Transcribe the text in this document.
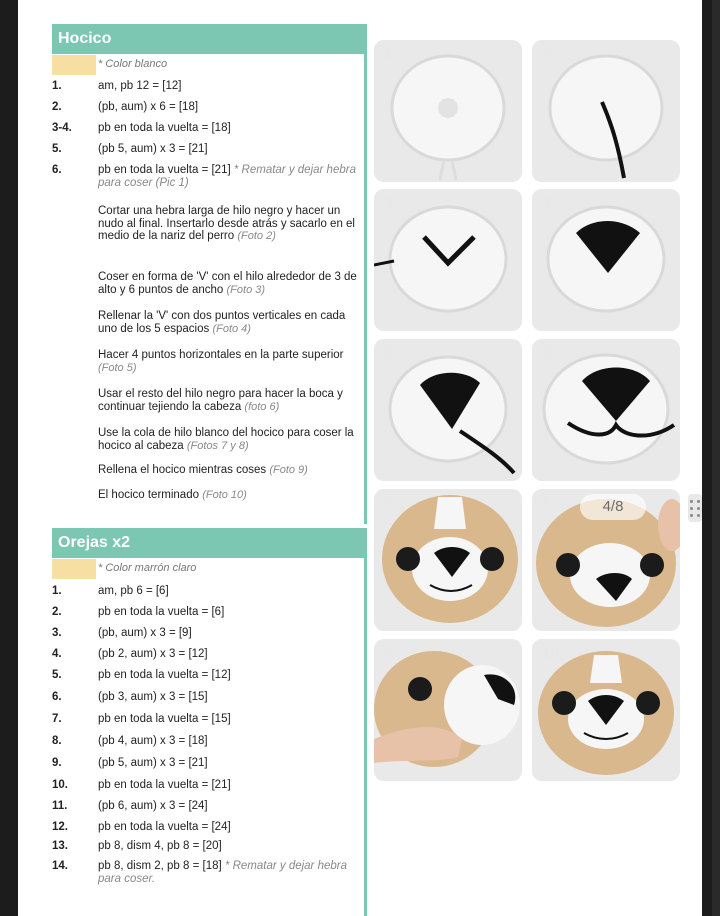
Hocico
* Color blanco
1.	am, pb 12 = [12]
2.	(pb, aum) x 6 = [18]
3-4.	pb en toda la vuelta = [18]
5.	(pb 5, aum) x 3 = [21]
6.	pb en toda la vuelta = [21] * Rematar y dejar hebra para coser (Pic 1)
Cortar una hebra larga de hilo negro y hacer un nudo al final. Insertarlo desde atrás y sacarlo en el medio de la nariz del perro (Foto 2)
Coser en forma de 'V' con el hilo alrededor de 3 de alto y 6 puntos de ancho (Foto 3)
Rellenar la 'V' con dos puntos verticales en cada uno de los 5 espacios (Foto 4)
Hacer 4 puntos horizontales en la parte superior (Foto 5)
Usar el resto del hilo negro para hacer la boca y continuar tejiendo la cabeza (foto 6)
Use la cola de hilo blanco del hocico para coser la hocico al cabeza (Fotos 7 y 8)
Rellena el hocico mientras coses (Foto 9)
El hocico terminado (Foto 10)
Orejas x2
* Color marrón claro
1.	am, pb 6 = [6]
2.	pb en toda la vuelta = [6]
3.	(pb, aum) x 3 = [9]
4.	(pb 2, aum) x 3 = [12]
5.	pb en toda la vuelta = [12]
6.	(pb 3, aum) x 3 = [15]
7.	pb en toda la vuelta = [15]
8.	(pb 4, aum) x 3 = [18]
9.	(pb 5, aum) x 3 = [21]
10.	pb en toda la vuelta = [21]
11.	(pb 6, aum) x 3 = [24]
12.	pb en toda la vuelta = [24]
13.	pb 8, dism 4, pb 8 = [20]
14.	pb 8, dism 2, pb 8 = [18] * Rematar y dejar hebra para coser.
1	2
3	4
5	6
7	8
9	10
4/8
